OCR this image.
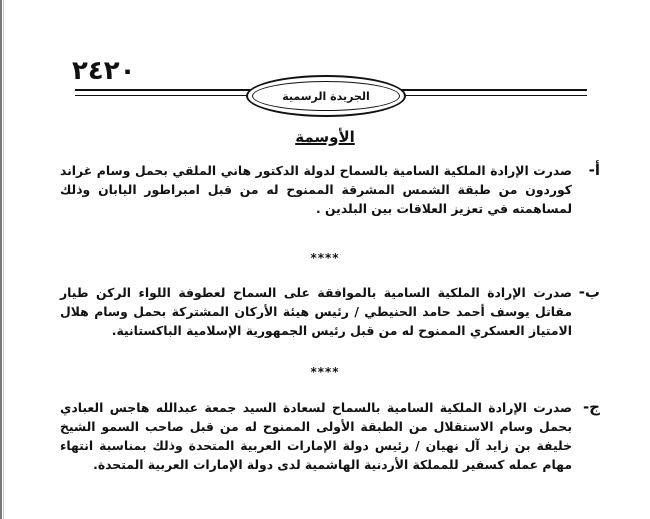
٢٤٢٠
الجريدة الرسمية
الأوسمة
أ-
صدرت الإرادة الملكية السامية بالسماح لدولة الدكتور هاني الملقي بحمل وسام غراند كوردون من طبقة الشمس المشرقة الممنوح له من قبل امبراطور اليابان وذلك لمساهمته في تعزيز العلاقات بين البلدين .
****
ب-
صدرت الإرادة الملكية السامية بالموافقة على السماح لعطوفة اللواء الركن طيار مقاتل يوسف أحمد حامد الحنيطي / رئيس هيئة الأركان المشتركة بحمل وسام هلال الامتياز العسكري الممنوح له من قبل رئيس الجمهورية الإسلامية الباكستانية.
****
ج-
صدرت الإرادة الملكية السامية بالسماح لسعادة السيد جمعة عبدالله هاجس العبادي بحمل وسام الاستقلال من الطبقة الأولى الممنوح له من قبل صاحب السمو الشيخ خليفة بن زايد آل نهيان / رئيس دولة الإمارات العربية المتحدة وذلك بمناسبة انتهاء مهام عمله كسفير للمملكة الأردنية الهاشمية لدى دولة الإمارات العربية المتحدة.
